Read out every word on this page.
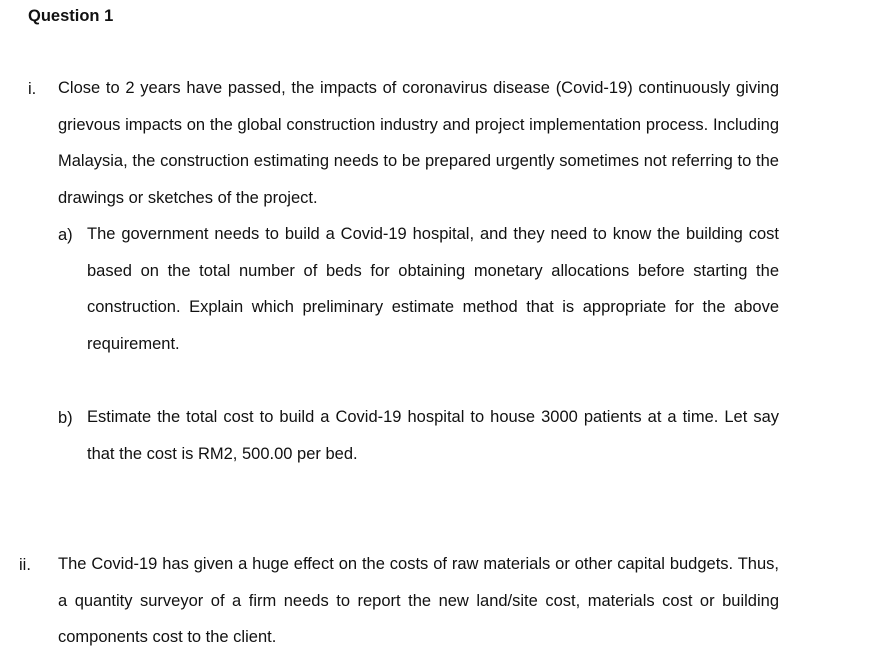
Question 1
i. Close to 2 years have passed, the impacts of coronavirus disease (Covid-19) continuously giving grievous impacts on the global construction industry and project implementation process. Including Malaysia, the construction estimating needs to be prepared urgently sometimes not referring to the drawings or sketches of the project.
a) The government needs to build a Covid-19 hospital, and they need to know the building cost based on the total number of beds for obtaining monetary allocations before starting the construction. Explain which preliminary estimate method that is appropriate for the above requirement.
b) Estimate the total cost to build a Covid-19 hospital to house 3000 patients at a time. Let say that the cost is RM2, 500.00 per bed.
ii. The Covid-19 has given a huge effect on the costs of raw materials or other capital budgets. Thus, a quantity surveyor of a firm needs to report the new land/site cost, materials cost or building components cost to the client.
